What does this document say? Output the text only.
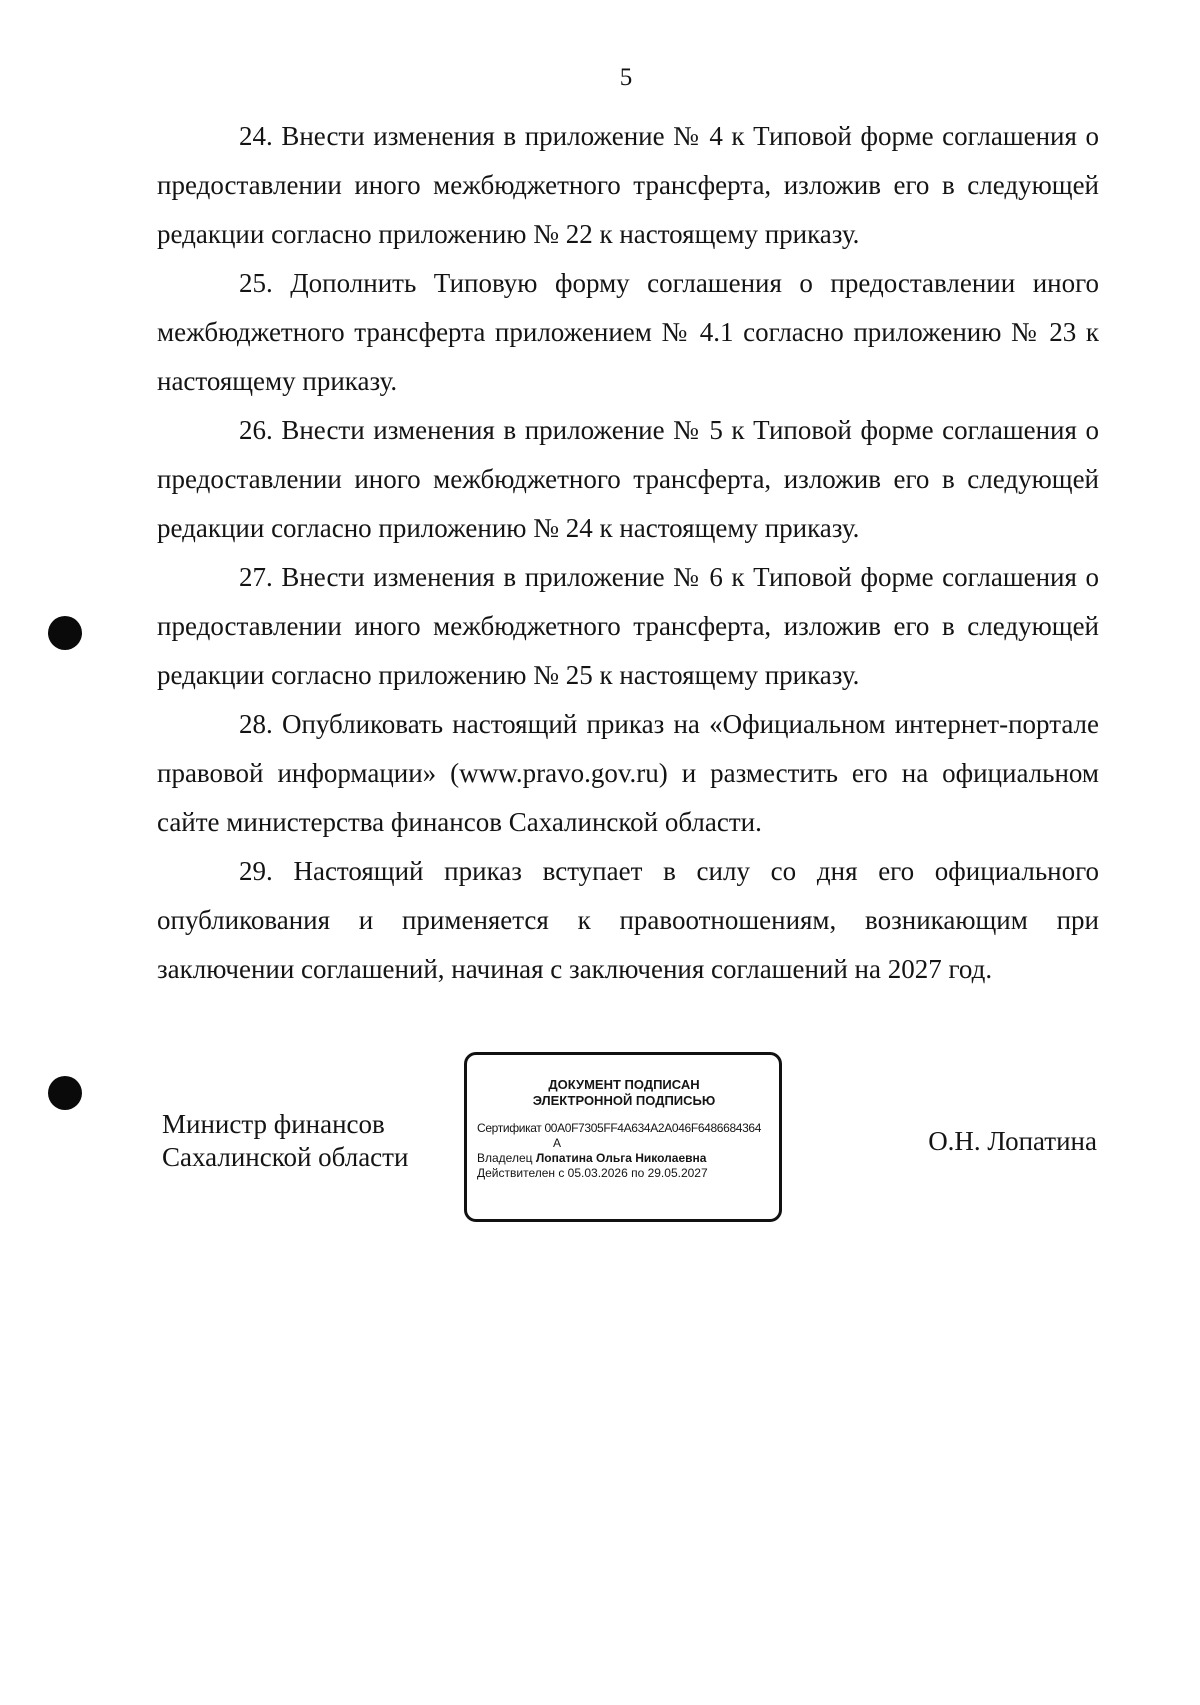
5

24. Внести изменения в приложение № 4 к Типовой форме соглашения о предоставлении иного межбюджетного трансферта, изложив его в следующей редакции согласно приложению № 22 к настоящему приказу.

25. Дополнить Типовую форму соглашения о предоставлении иного межбюджетного трансферта приложением № 4.1 согласно приложению № 23 к настоящему приказу.

26. Внести изменения в приложение № 5 к Типовой форме соглашения о предоставлении иного межбюджетного трансферта, изложив его в следующей редакции согласно приложению № 24 к настоящему приказу.

27. Внести изменения в приложение № 6 к Типовой форме соглашения о предоставлении иного межбюджетного трансферта, изложив его в следующей редакции согласно приложению № 25 к настоящему приказу.

28. Опубликовать настоящий приказ на «Официальном интернет-портале правовой информации» (www.pravo.gov.ru) и разместить его на официальном сайте министерства финансов Сахалинской области.

29. Настоящий приказ вступает в силу со дня его официального опубликования и применяется к правоотношениям, возникающим при заключении соглашений, начиная с заключения соглашений на 2027 год.

Министр финансов
Сахалинской области
ДОКУМЕНТ ПОДПИСАН
ЭЛЕКТРОННОЙ ПОДПИСЬЮ
Сертификат 00A0F7305FF4A634A2A046F6486684364
A
Владелец Лопатина Ольга Николаевна
Действителен с 05.03.2026 по 29.05.2027
О.Н. Лопатина
